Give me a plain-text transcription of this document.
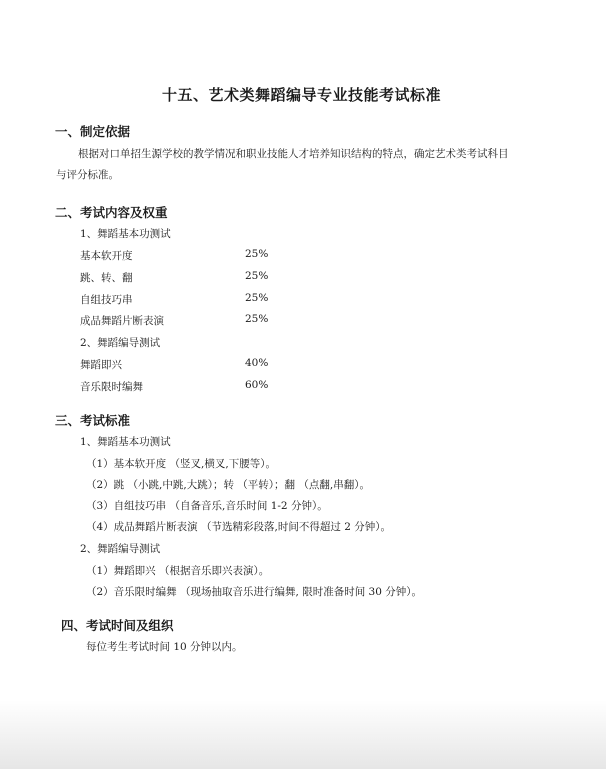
十五、艺术类舞蹈编导专业技能考试标准
一、制定依据
根据对口单招生源学校的教学情况和职业技能人才培养知识结构的特点，确定艺术类考试科目
与评分标准。
二、考试内容及权重
1、舞蹈基本功测试
基本软开度	25%
跳、转、翻	25%
自组技巧串	25%
成品舞蹈片断表演	25%
2、舞蹈编导测试
舞蹈即兴	40%
音乐限时编舞	60%
三、考试标准
1、舞蹈基本功测试
（1）基本软开度 （竖叉,横叉,下腰等）。
（2）跳 （小跳,中跳,大跳）；转 （平转）；翻 （点翻,串翻）。
（3）自组技巧串 （自备音乐,音乐时间 1-2 分钟）。
（4）成品舞蹈片断表演 （节选精彩段落,时间不得超过 2 分钟）。
2、舞蹈编导测试
（1）舞蹈即兴 （根据音乐即兴表演）。
（2）音乐限时编舞 （现场抽取音乐进行编舞, 限时准备时间 30 分钟）。
四、考试时间及组织
每位考生考试时间 10 分钟以内。
